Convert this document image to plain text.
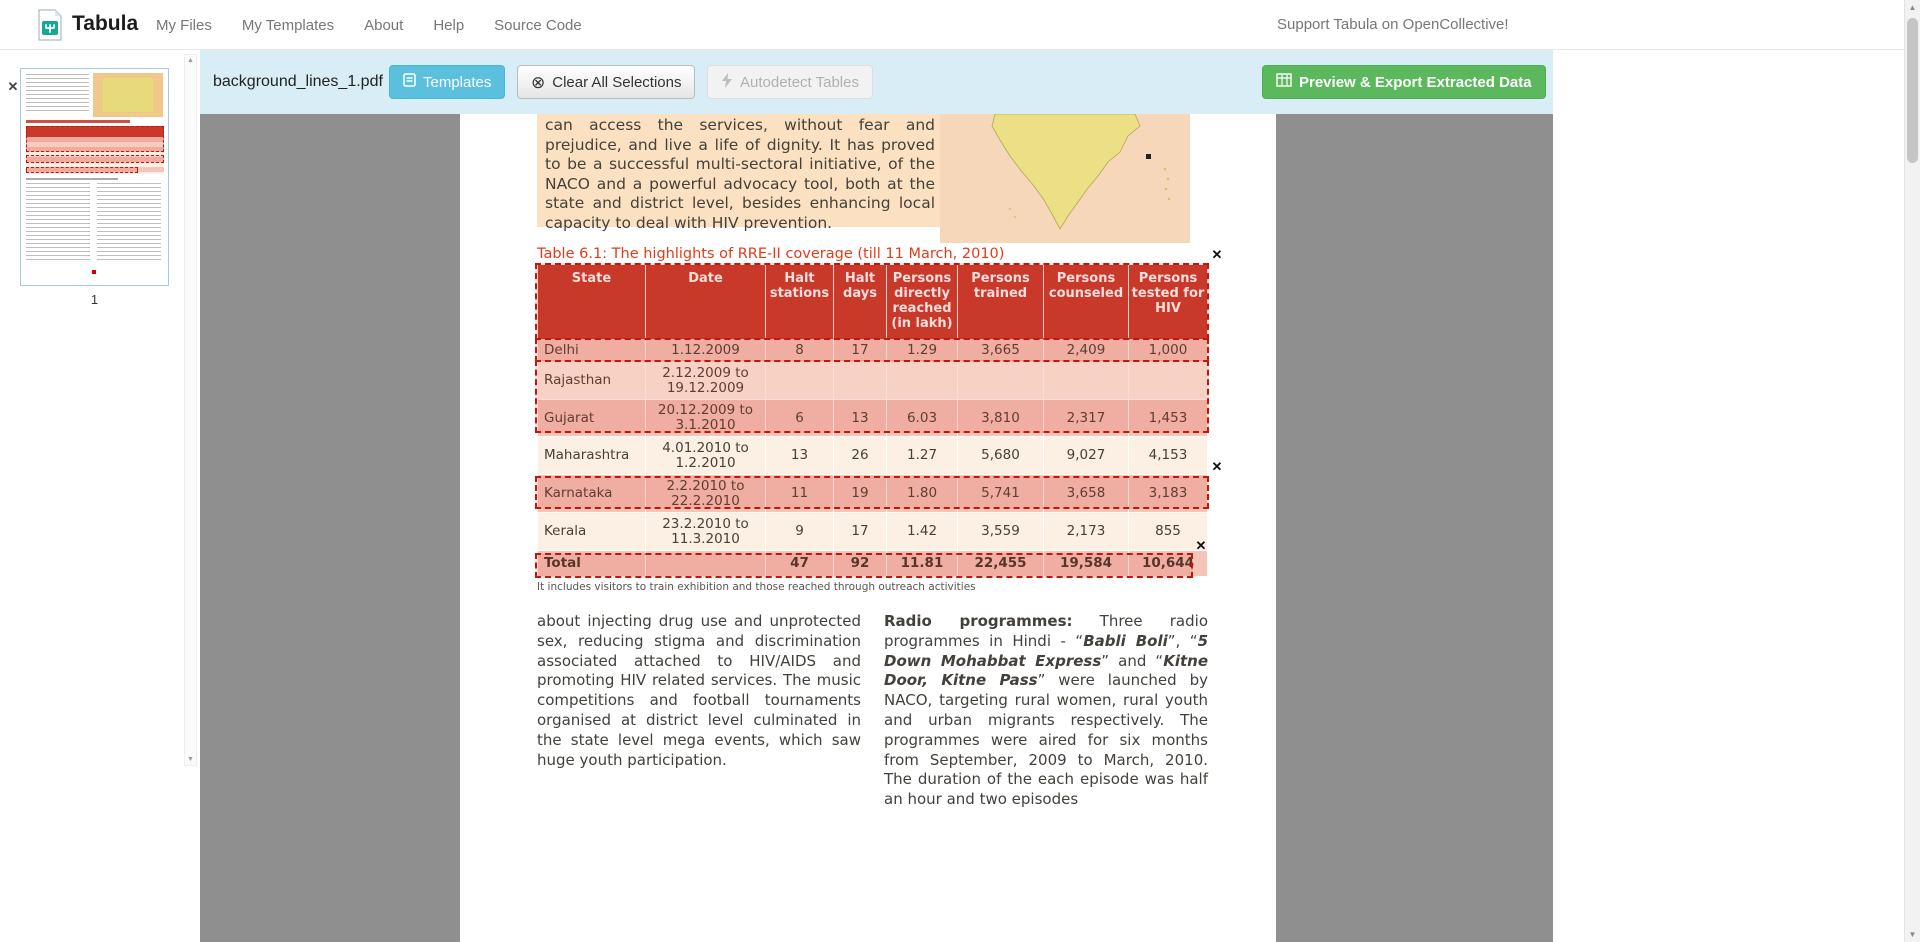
Tabula My Files My Templates About Help Source Code	Support Tabula on OpenCollective!
background_lines_1.pdf	Templates ⊗ Clear All Selections	Autodetect Tables	Preview & Export Extracted Data
✕
1
▲
▼
can access the services, without fear and prejudice, and live a life of dignity. It has proved to be a successful multi-sectoral initiative, of the NACO and a powerful advocacy tool, both at the state and district level, besides enhancing local capacity to deal with HIV prevention.
Table 6.1: The highlights of RRE-II coverage (till 11 March, 2010)
State	Date	Halt stations	Halt days	Persons directly reached (in lakh)	Persons trained	Persons counseled	Persons tested for HIV
Delhi	1.12.2009	8	17	1.29	3,665	2,409	1,000
Rajasthan	2.12.2009 to 19.12.2009						
Gujarat	20.12.2009 to 3.1.2010	6	13	6.03	3,810	2,317	1,453
Maharashtra	4.01.2010 to 1.2.2010	13	26	1.27	5,680	9,027	4,153
Karnataka	2.2.2010 to 22.2.2010	11	19	1.80	5,741	3,658	3,183
Kerala	23.2.2010 to 11.3.2010	9	17	1.42	3,559	2,173	855
Total		47	92	11.81	22,455	19,584	10,644
It includes visitors to train exhibition and those reached through outreach activities
about injecting drug use and unprotected sex, reducing stigma and discrimination associated attached to HIV/AIDS and promoting HIV related services. The music competitions and football tournaments organised at district level culminated in the state level mega events, which saw huge youth participation.
Radio programmes: Three radio programmes in Hindi - “Babli Boli”, “5 Down Mohabbat Express” and “Kitne Door, Kitne Pass” were launched by NACO, targeting rural women, rural youth and urban migrants respectively. The programmes were aired for six months from September, 2009 to March, 2010. The duration of the each episode was half an hour and two episodes
✕
✕
✕
▲
▼
